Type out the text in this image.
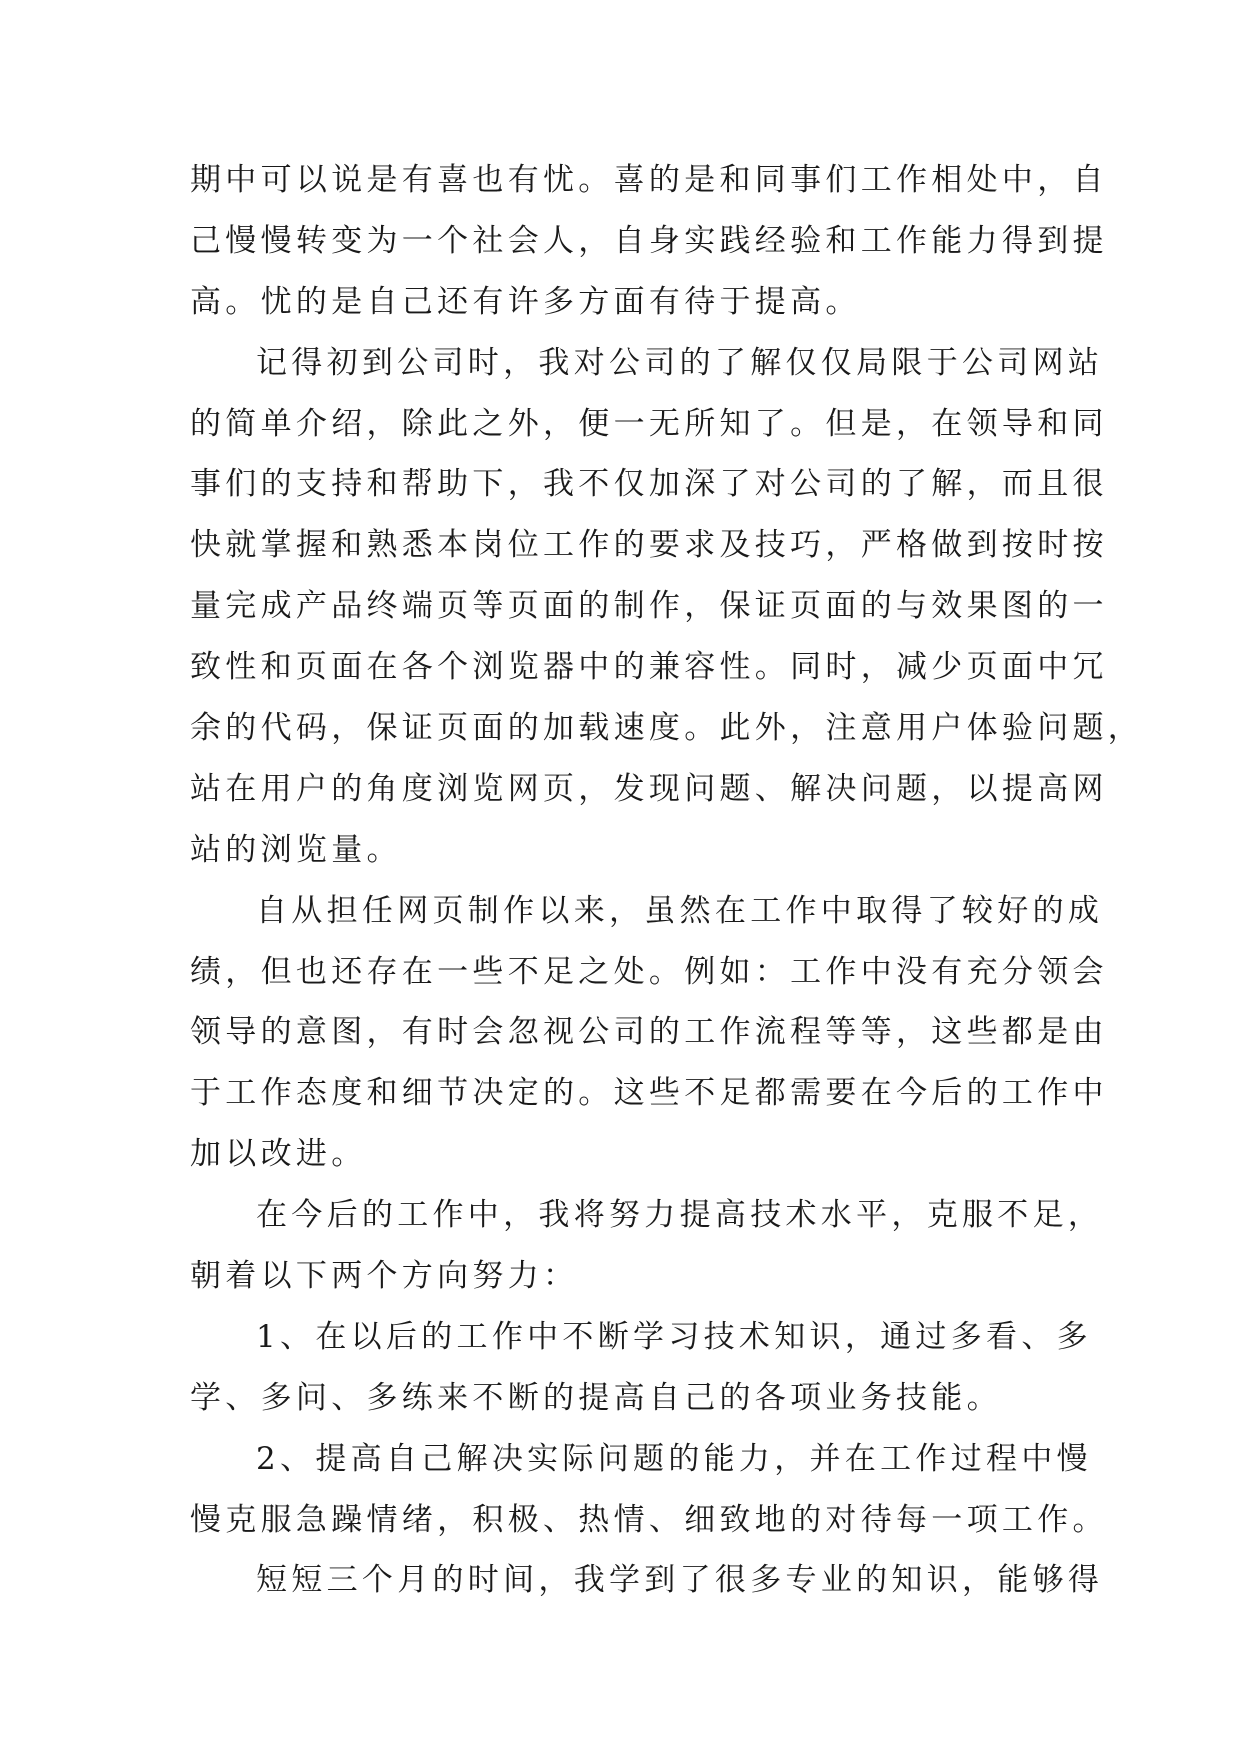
期中可以说是有喜也有忧。喜的是和同事们工作相处中，自
己慢慢转变为一个社会人，自身实践经验和工作能力得到提
高。忧的是自己还有许多方面有待于提高。
记得初到公司时，我对公司的了解仅仅局限于公司网站
的简单介绍，除此之外，便一无所知了。但是，在领导和同
事们的支持和帮助下，我不仅加深了对公司的了解，而且很
快就掌握和熟悉本岗位工作的要求及技巧，严格做到按时按
量完成产品终端页等页面的制作，保证页面的与效果图的一
致性和页面在各个浏览器中的兼容性。同时，减少页面中冗
余的代码，保证页面的加载速度。此外，注意用户体验问题，
站在用户的角度浏览网页，发现问题、解决问题，以提高网
站的浏览量。
自从担任网页制作以来，虽然在工作中取得了较好的成
绩，但也还存在一些不足之处。例如：工作中没有充分领会
领导的意图，有时会忽视公司的工作流程等等，这些都是由
于工作态度和细节决定的。这些不足都需要在今后的工作中
加以改进。
在今后的工作中，我将努力提高技术水平，克服不足，
朝着以下两个方向努力：
1、在以后的工作中不断学习技术知识，通过多看、多
学、多问、多练来不断的提高自己的各项业务技能。
2、提高自己解决实际问题的能力，并在工作过程中慢
慢克服急躁情绪，积极、热情、细致地的对待每一项工作。
短短三个月的时间，我学到了很多专业的知识，能够得
